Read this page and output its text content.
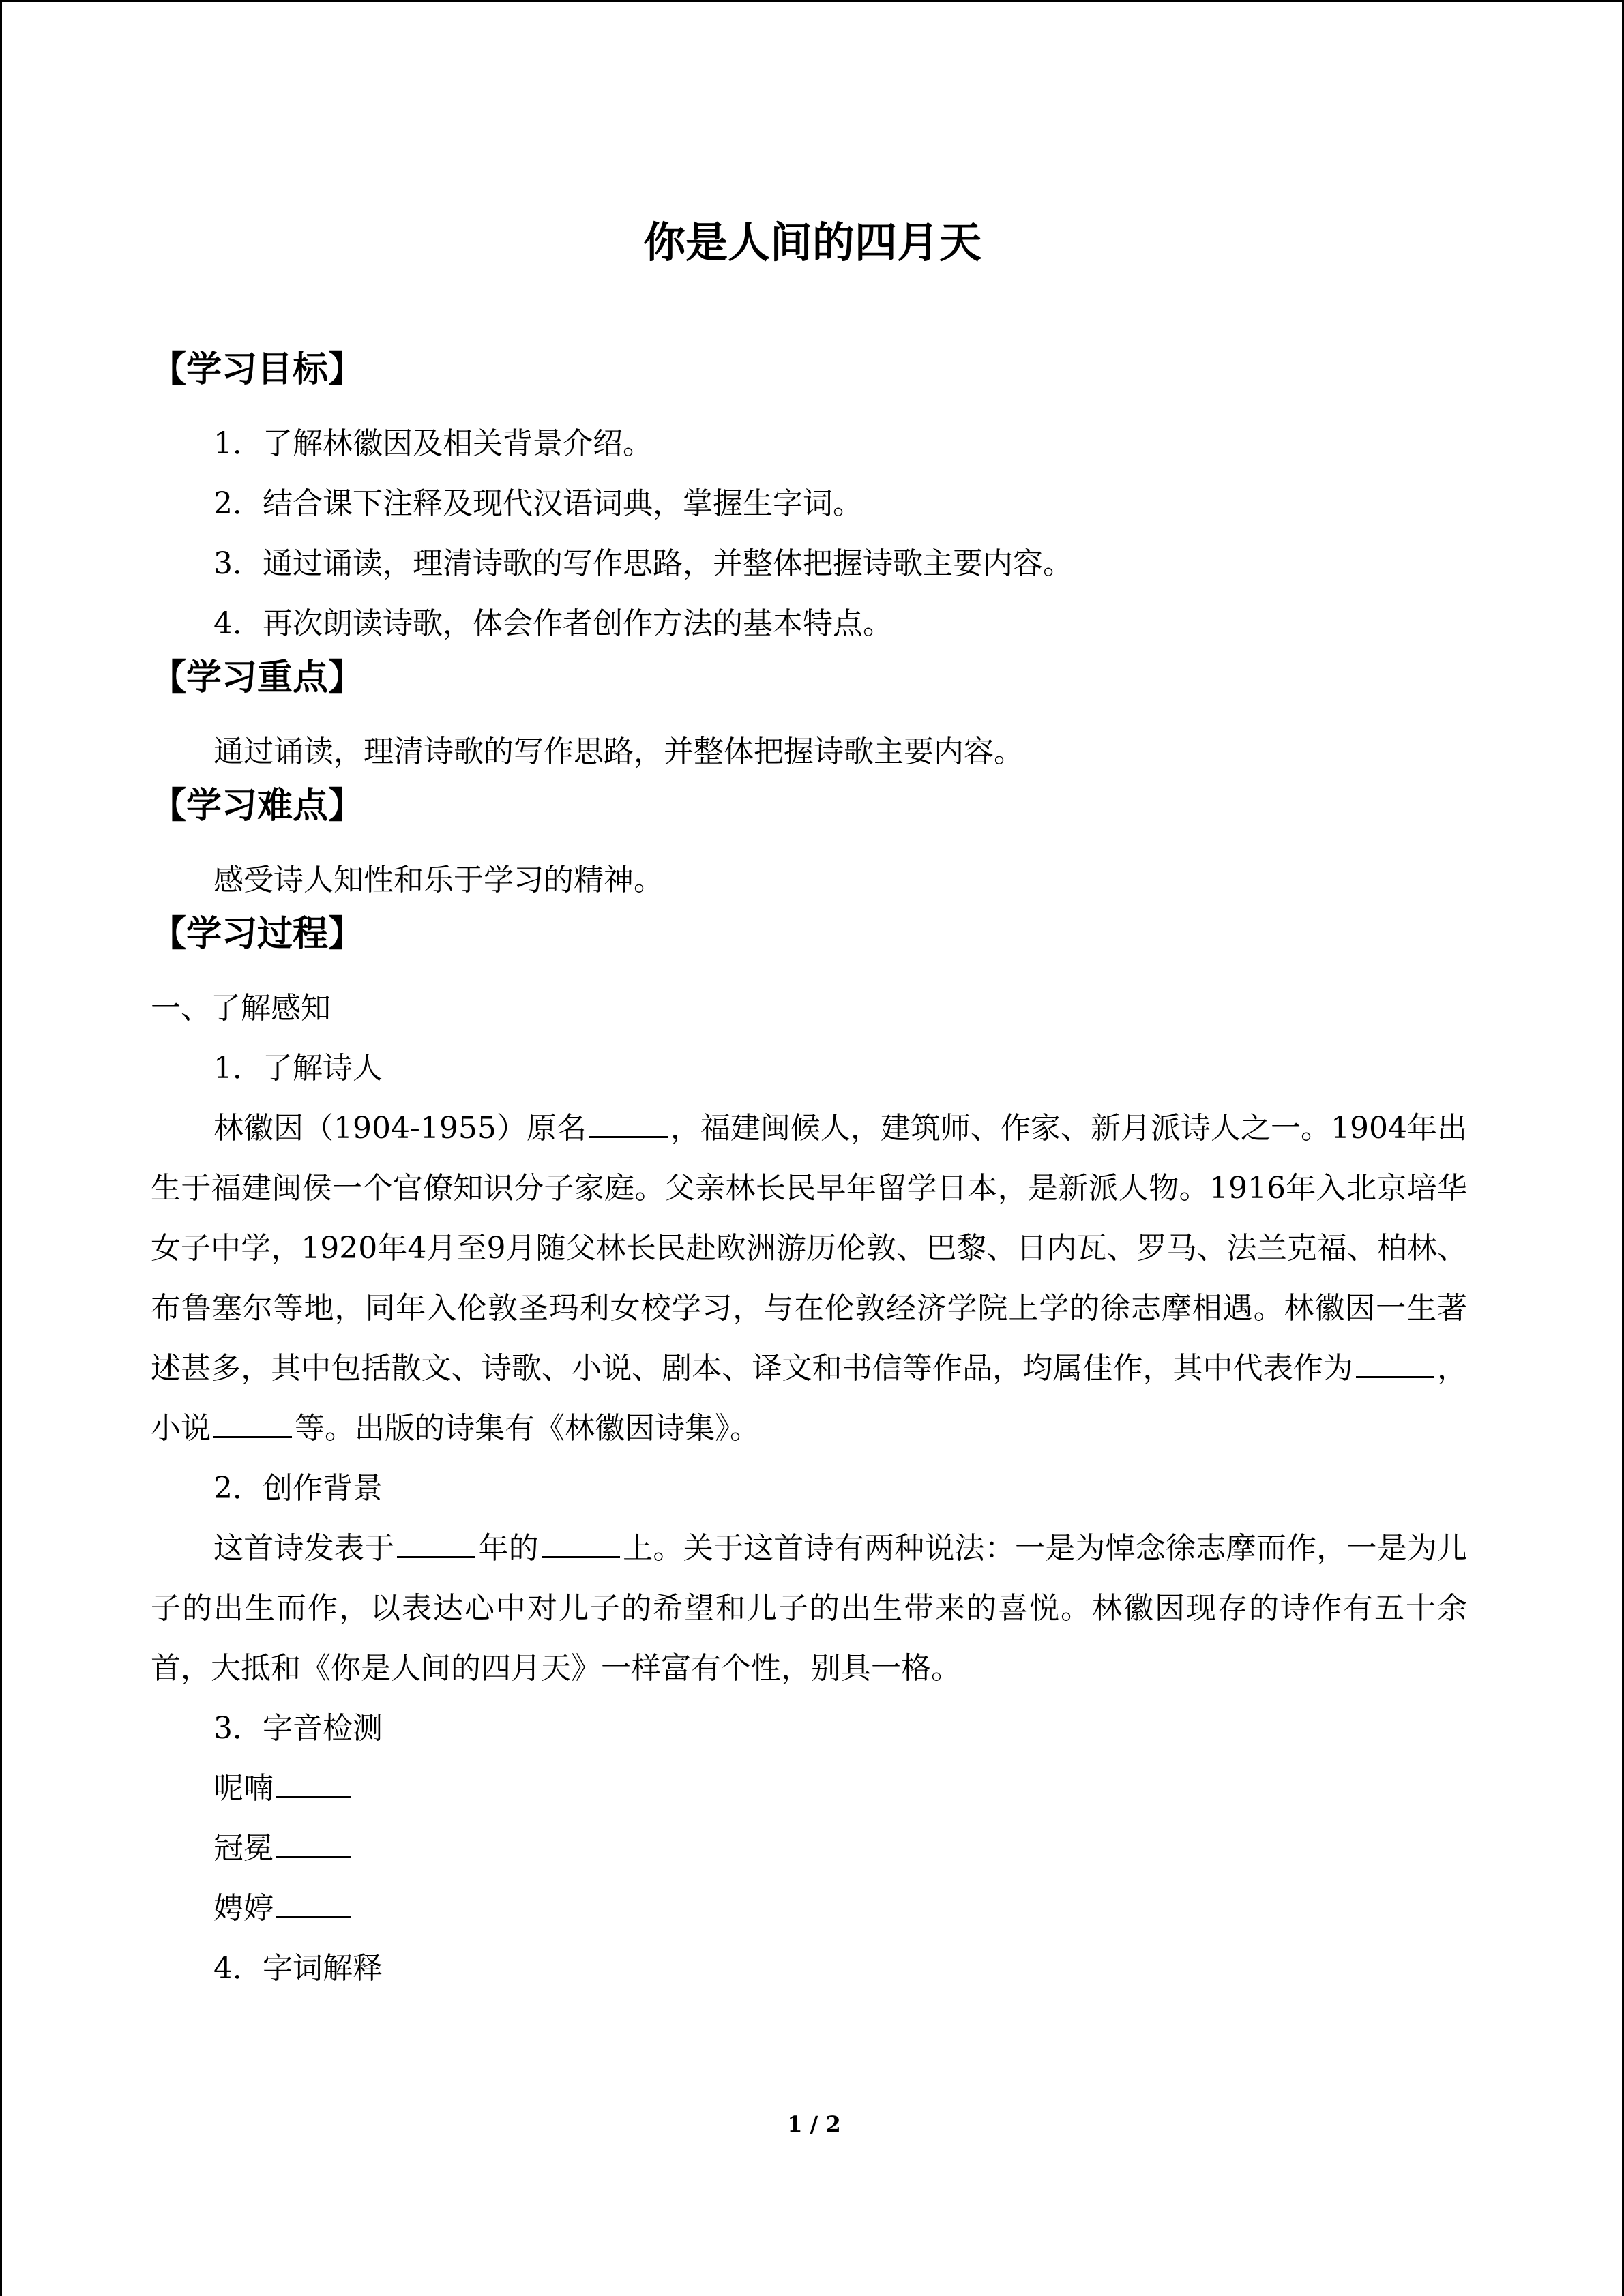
你是人间的四月天
【学习目标】
1．了解林徽因及相关背景介绍。
2．结合课下注释及现代汉语词典，掌握生字词。
3．通过诵读，理清诗歌的写作思路，并整体把握诗歌主要内容。
4．再次朗读诗歌，体会作者创作方法的基本特点。
【学习重点】
通过诵读，理清诗歌的写作思路，并整体把握诗歌主要内容。
【学习难点】
感受诗人知性和乐于学习的精神。
【学习过程】
一、了解感知
1．了解诗人

林徽因（1904-1955）原名	，福建闽候人，建筑师、作家、新月派诗人之一。1904年出生于福建闽侯一个官僚知识分子家庭。父亲林长民早年留学日本，是新派人物。1916年入北京培华女子中学，1920年4月至9月随父林长民赴欧洲游历伦敦、巴黎、日内瓦、罗马、法兰克福、柏林、布鲁塞尔等地，同年入伦敦圣玛利女校学习，与在伦敦经济学院上学的徐志摩相遇。林徽因一生著述甚多，其中包括散文、诗歌、小说、剧本、译文和书信等作品，均属佳作，其中代表作为	，小说	等。出版的诗集有《林徽因诗集》。

2．创作背景

这首诗发表于	年的	上。关于这首诗有两种说法：一是为悼念徐志摩而作，一是为儿子的出生而作，以表达心中对儿子的希望和儿子的出生带来的喜悦。林徽因现存的诗作有五十余首，大抵和《你是人间的四月天》一样富有个性，别具一格。

3．字音检测
呢喃
冠冕
娉婷
4．字词解释
1 / 2
